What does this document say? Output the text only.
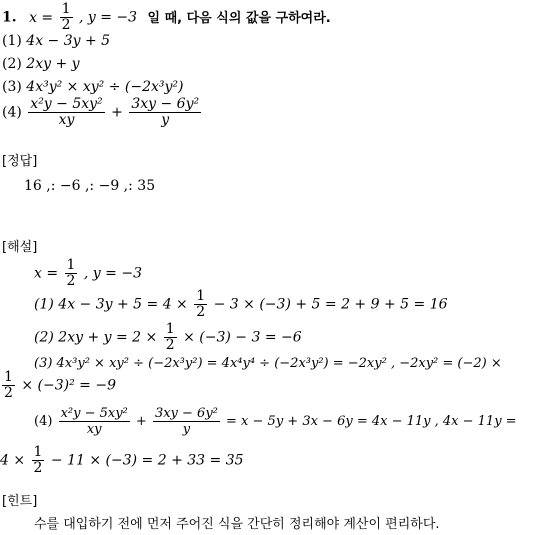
1. $x = \frac{1}{2}$ , y = −3 일 때, 다음 식의 값을 구하여라.
(1) 4x − 3y + 5
(2) 2xy + y
(3) 4x³y² × xy² ÷ (−2x³y²)
$(4) \frac{\text{x²y − 5xy²}}{xy} + \frac{\text{3xy − 6y²}}{y}$
[정답]
16 ,: −6 ,: −9 ,: 35
[해설]
$x = \frac{1}{2}$ , y = −3
(1) $4x - 3y + 5 = 4 \times \frac{1}{2} - 3 \times (-3) + 5 = 2 + 9 + 5 = 16$
(2) $2xy + y = 2 \times \frac{1}{2} \times (-3) - 3 = -6$
(3) 4x³y² × xy² ÷ (−2x³y²) = 4x⁴y⁴ ÷ (−2x³y²) = −2xy² , −2xy² = (−2) ×
$\frac{1}{2} \times (-3)^2 = -9$
$(4) \frac{\text{x²y − 5xy²}}{xy} + \frac{\text{3xy − 6y²}}{y} = x - 5y + 3x - 6y = 4x - 11y$ , 4x − 11y =
$4 \times \frac{1}{2} - 11 \times (-3) = 2 + 33 = 35$
[힌트]
수를 대입하기 전에 먼저 주어진 식을 간단히 정리해야 계산이 편리하다.
